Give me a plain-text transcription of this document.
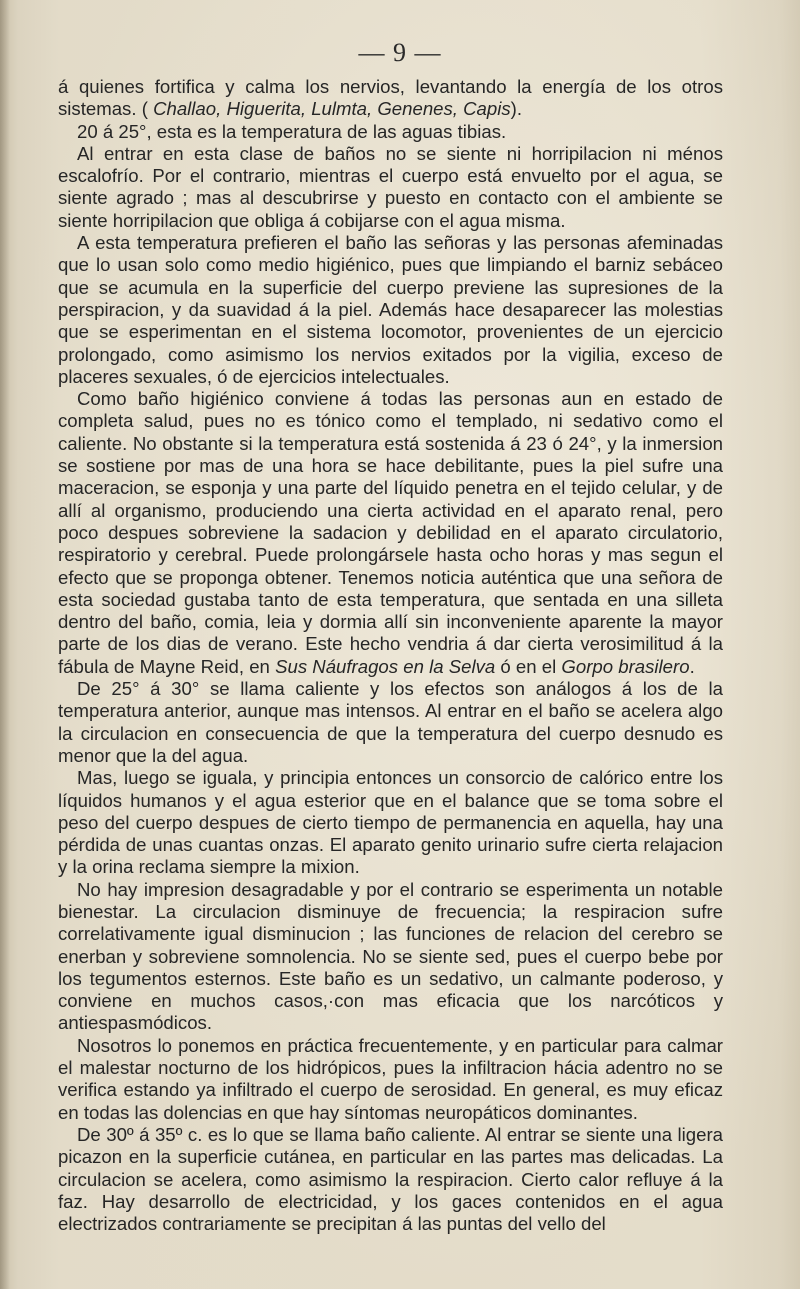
— 9 —

á quienes fortifica y calma los nervios, levantando la energía de los otros sistemas. ( Challao, Higuerita, Lulmta, Genenes, Capis).

20 á 25°, esta es la temperatura de las aguas tibias.

Al entrar en esta clase de baños no se siente ni horripilacion ni ménos escalofrío. Por el contrario, mientras el cuerpo está envuelto por el agua, se siente agrado ; mas al descubrirse y puesto en contacto con el ambiente se siente horripilacion que obliga á cobijarse con el agua misma.

A esta temperatura prefieren el baño las señoras y las personas afeminadas que lo usan solo como medio higiénico, pues que limpiando el barniz sebáceo que se acumula en la superficie del cuerpo previene las supresiones de la perspiracion, y da suavidad á la piel. Además hace desaparecer las molestias que se esperimentan en el sistema locomotor, provenientes de un ejercicio prolongado, como asimismo los nervios exitados por la vigilia, exceso de placeres sexuales, ó de ejercicios intelectuales.

Como baño higiénico conviene á todas las personas aun en estado de completa salud, pues no es tónico como el templado, ni sedativo como el caliente. No obstante si la temperatura está sostenida á 23 ó 24°, y la inmersion se sostiene por mas de una hora se hace debilitante, pues la piel sufre una maceracion, se esponja y una parte del líquido penetra en el tejido celular, y de allí al organismo, produciendo una cierta actividad en el aparato renal, pero poco despues sobreviene la sadacion y debilidad en el aparato circulatorio, respiratorio y cerebral. Puede prolongársele hasta ocho horas y mas segun el efecto que se proponga obtener. Tenemos noticia auténtica que una señora de esta sociedad gustaba tanto de esta temperatura, que sentada en una silleta dentro del baño, comia, leia y dormia allí sin inconveniente aparente la mayor parte de los dias de verano. Este hecho vendria á dar cierta verosimilitud á la fábula de Mayne Reid, en Sus Náufragos en la Selva ó en el Gorpo brasilero.

De 25° á 30° se llama caliente y los efectos son análogos á los de la temperatura anterior, aunque mas intensos. Al entrar en el baño se acelera algo la circulacion en consecuencia de que la temperatura del cuerpo desnudo es menor que la del agua.

Mas, luego se iguala, y principia entonces un consorcio de calórico entre los líquidos humanos y el agua esterior que en el balance que se toma sobre el peso del cuerpo despues de cierto tiempo de permanencia en aquella, hay una pérdida de unas cuantas onzas. El aparato genito urinario sufre cierta relajacion y la orina reclama siempre la mixion.

No hay impresion desagradable y por el contrario se esperimenta un notable bienestar. La circulacion disminuye de frecuencia; la respiracion sufre correlativamente igual disminucion ; las funciones de relacion del cerebro se enerban y sobreviene somnolencia. No se siente sed, pues el cuerpo bebe por los tegumentos esternos. Este baño es un sedativo, un calmante poderoso, y conviene en muchos casos,·con mas eficacia que los narcóticos y antiespasmódicos.

Nosotros lo ponemos en práctica frecuentemente, y en particular para calmar el malestar nocturno de los hidrópicos, pues la infiltracion hácia adentro no se verifica estando ya infiltrado el cuerpo de serosidad. En general, es muy eficaz en todas las dolencias en que hay síntomas neuropáticos dominantes.

De 30º á 35º c. es lo que se llama baño caliente. Al entrar se siente una ligera picazon en la superficie cutánea, en particular en las partes mas delicadas. La circulacion se acelera, como asimismo la respiracion. Cierto calor refluye á la faz. Hay desarrollo de electricidad, y los gaces contenidos en el agua electrizados contrariamente se precipitan á las puntas del vello del
